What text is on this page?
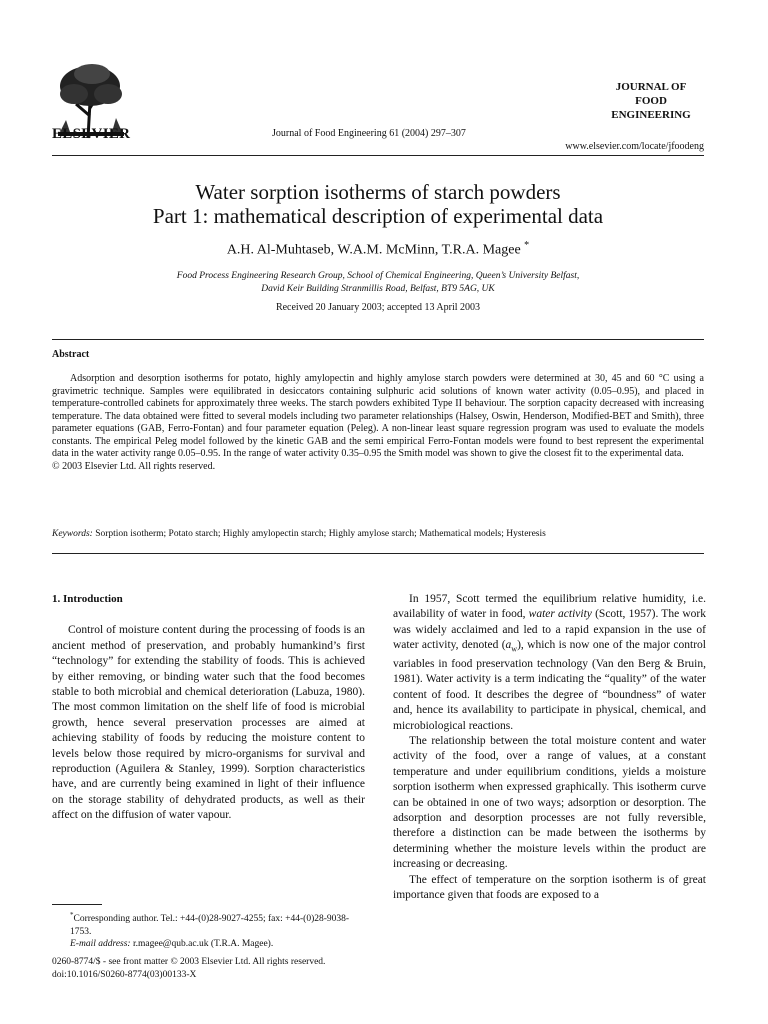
ELSEVIER	Journal of Food Engineering 61 (2004) 297–307
JOURNAL OF
FOOD
ENGINEERING
www.elsevier.com/locate/jfoodeng
Water sorption isotherms of starch powders
Part 1: mathematical description of experimental data
A.H. Al-Muhtaseb, W.A.M. McMinn, T.R.A. Magee *
Food Process Engineering Research Group, School of Chemical Engineering, Queen’s University Belfast,
David Keir Building Stranmillis Road, Belfast, BT9 5AG, UK
Received 20 January 2003; accepted 13 April 2003
Abstract

Adsorption and desorption isotherms for potato, highly amylopectin and highly amylose starch powders were determined at 30, 45 and 60 °C using a gravimetric technique. Samples were equilibrated in desiccators containing sulphuric acid solutions of known water activity (0.05–0.95), and placed in temperature-controlled cabinets for approximately three weeks. The starch powders exhibited Type II behaviour. The sorption capacity decreased with increasing temperature. The data obtained were fitted to several models including two parameter relationships (Halsey, Oswin, Henderson, Modified-BET and Smith), three parameter equations (GAB, Ferro-Fontan) and four parameter equation (Peleg). A non-linear least square regression program was used to evaluate the models constants. The empirical Peleg model followed by the kinetic GAB and the semi empirical Ferro-Fontan models were found to best represent the experimental data in the water activity range 0.05–0.95. In the range of water activity 0.35–0.95 the Smith model was shown to give the closest fit to the experimental data.

© 2003 Elsevier Ltd. All rights reserved.

Keywords: Sorption isotherm; Potato starch; Highly amylopectin starch; Highly amylose starch; Mathematical models; Hysteresis
1. Introduction

Control of moisture content during the processing of foods is an ancient method of preservation, and probably humankind’s first “technology” for extending the stability of foods. This is achieved by either removing, or binding water such that the food becomes stable to both microbial and chemical deterioration (Labuza, 1980). The most common limitation on the shelf life of food is microbial growth, hence several preservation processes are aimed at achieving stability of foods by reducing the moisture content to levels below those required by micro-organisms for survival and reproduction (Aguilera & Stanley, 1999). Sorption characteristics have, and are currently being examined in light of their influence on the storage stability of dehydrated products, as well as their affect on the diffusion of water vapour.

In 1957, Scott termed the equilibrium relative humidity, i.e. availability of water in food, water activity (Scott, 1957). The work was widely acclaimed and led to a rapid expansion in the use of water activity, denoted $(a_w)$, which is now one of the major control variables in food preservation technology (Van den Berg & Bruin, 1981). Water activity is a term indicating the “quality” of the water content of food. It describes the degree of “boundness” of water and, hence its availability to participate in physical, chemical, and microbiological reactions.

The relationship between the total moisture content and water activity of the food, over a range of values, at a constant temperature and under equilibrium conditions, yields a moisture sorption isotherm when expressed graphically. This isotherm curve can be obtained in one of two ways; adsorption or desorption. The adsorption and desorption processes are not fully reversible, therefore a distinction can be made between the isotherms by determining whether the moisture levels within the product are increasing or decreasing.

The effect of temperature on the sorption isotherm is of great importance given that foods are exposed to a

*Corresponding author. Tel.: +44-(0)28-9027-4255; fax: +44-(0)28-9038-1753.

E-mail address: r.magee@qub.ac.uk (T.R.A. Magee).

0260-8774/$ - see front matter © 2003 Elsevier Ltd. All rights reserved.

doi:10.1016/S0260-8774(03)00133-X
